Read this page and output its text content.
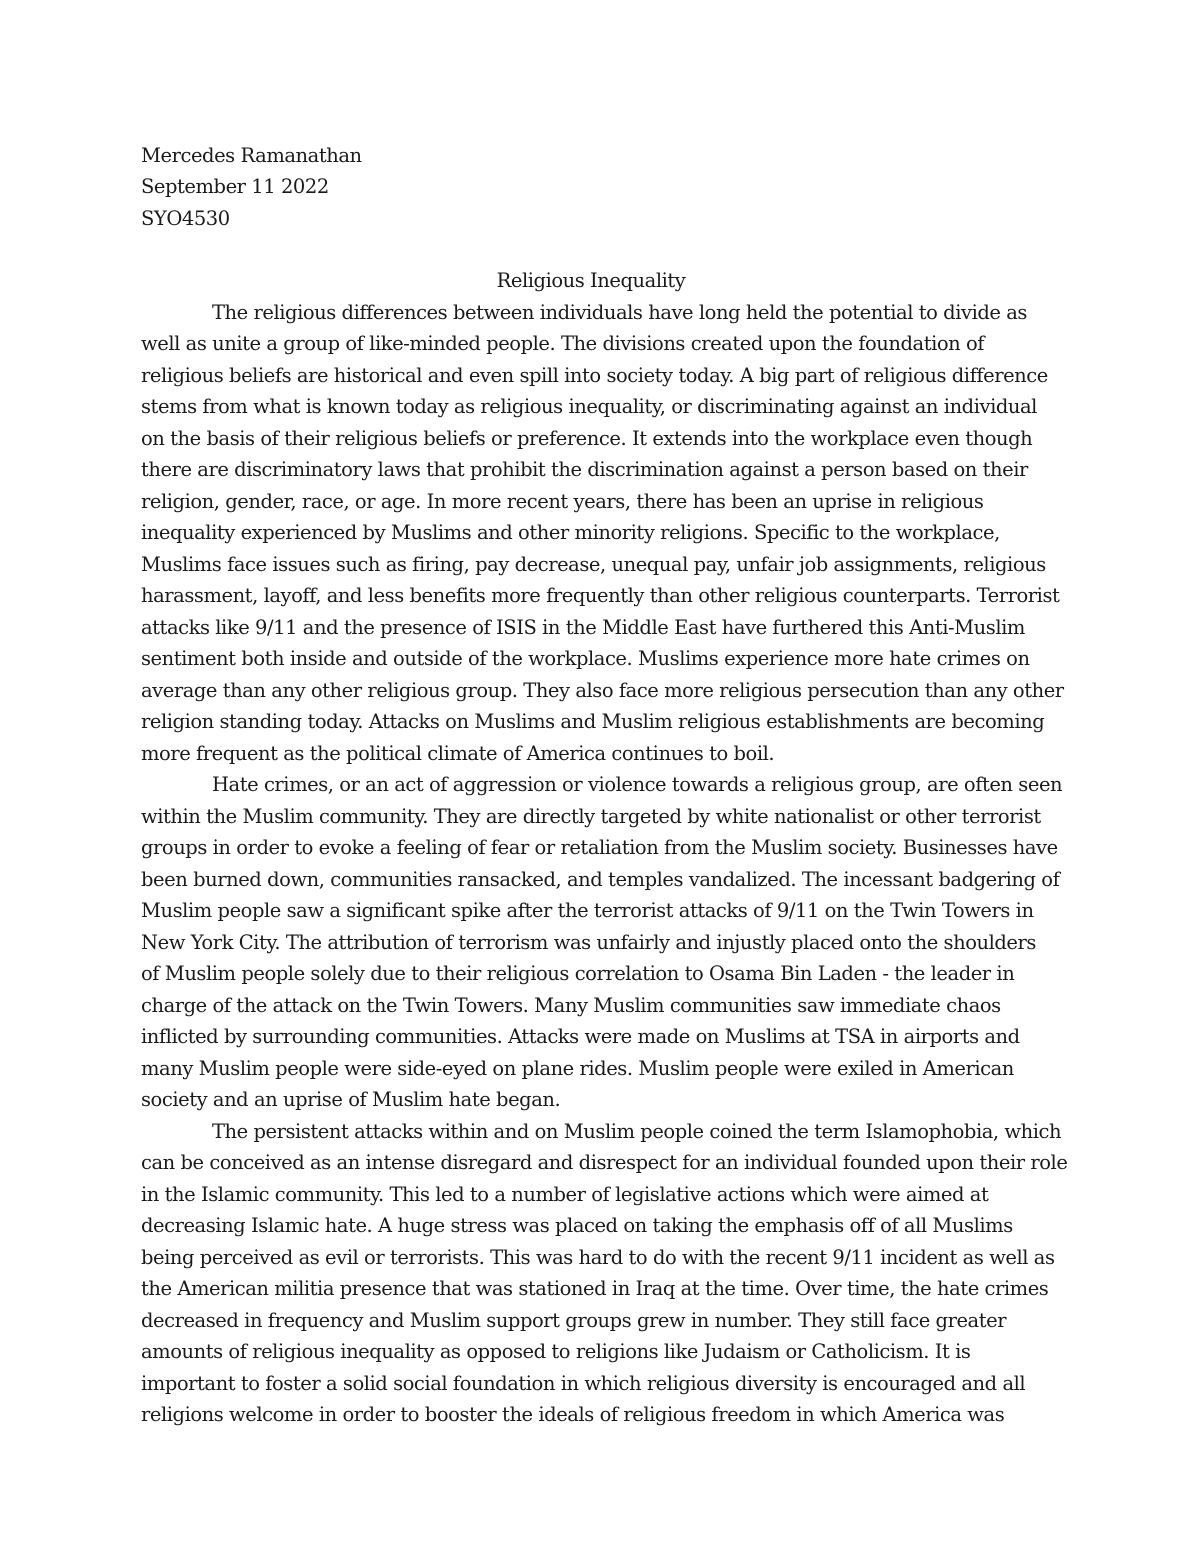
Mercedes Ramanathan

September 11 2022

SYO4530

Religious Inequality

The religious differences between individuals have long held the potential to divide as

well as unite a group of like-minded people. The divisions created upon the foundation of

religious beliefs are historical and even spill into society today. A big part of religious difference

stems from what is known today as religious inequality, or discriminating against an individual

on the basis of their religious beliefs or preference. It extends into the workplace even though

there are discriminatory laws that prohibit the discrimination against a person based on their

religion, gender, race, or age. In more recent years, there has been an uprise in religious

inequality experienced by Muslims and other minority religions. Specific to the workplace,

Muslims face issues such as firing, pay decrease, unequal pay, unfair job assignments, religious

harassment, layoff, and less benefits more frequently than other religious counterparts. Terrorist

attacks like 9/11 and the presence of ISIS in the Middle East have furthered this Anti-Muslim

sentiment both inside and outside of the workplace. Muslims experience more hate crimes on

average than any other religious group. They also face more religious persecution than any other

religion standing today. Attacks on Muslims and Muslim religious establishments are becoming

more frequent as the political climate of America continues to boil.

Hate crimes, or an act of aggression or violence towards a religious group, are often seen

within the Muslim community. They are directly targeted by white nationalist or other terrorist

groups in order to evoke a feeling of fear or retaliation from the Muslim society. Businesses have

been burned down, communities ransacked, and temples vandalized. The incessant badgering of

Muslim people saw a significant spike after the terrorist attacks of 9/11 on the Twin Towers in

New York City. The attribution of terrorism was unfairly and injustly placed onto the shoulders

of Muslim people solely due to their religious correlation to Osama Bin Laden - the leader in

charge of the attack on the Twin Towers. Many Muslim communities saw immediate chaos

inflicted by surrounding communities. Attacks were made on Muslims at TSA in airports and

many Muslim people were side-eyed on plane rides. Muslim people were exiled in American

society and an uprise of Muslim hate began.

The persistent attacks within and on Muslim people coined the term Islamophobia, which

can be conceived as an intense disregard and disrespect for an individual founded upon their role

in the Islamic community. This led to a number of legislative actions which were aimed at

decreasing Islamic hate. A huge stress was placed on taking the emphasis off of all Muslims

being perceived as evil or terrorists. This was hard to do with the recent 9/11 incident as well as

the American militia presence that was stationed in Iraq at the time. Over time, the hate crimes

decreased in frequency and Muslim support groups grew in number. They still face greater

amounts of religious inequality as opposed to religions like Judaism or Catholicism. It is

important to foster a solid social foundation in which religious diversity is encouraged and all

religions welcome in order to booster the ideals of religious freedom in which America was
